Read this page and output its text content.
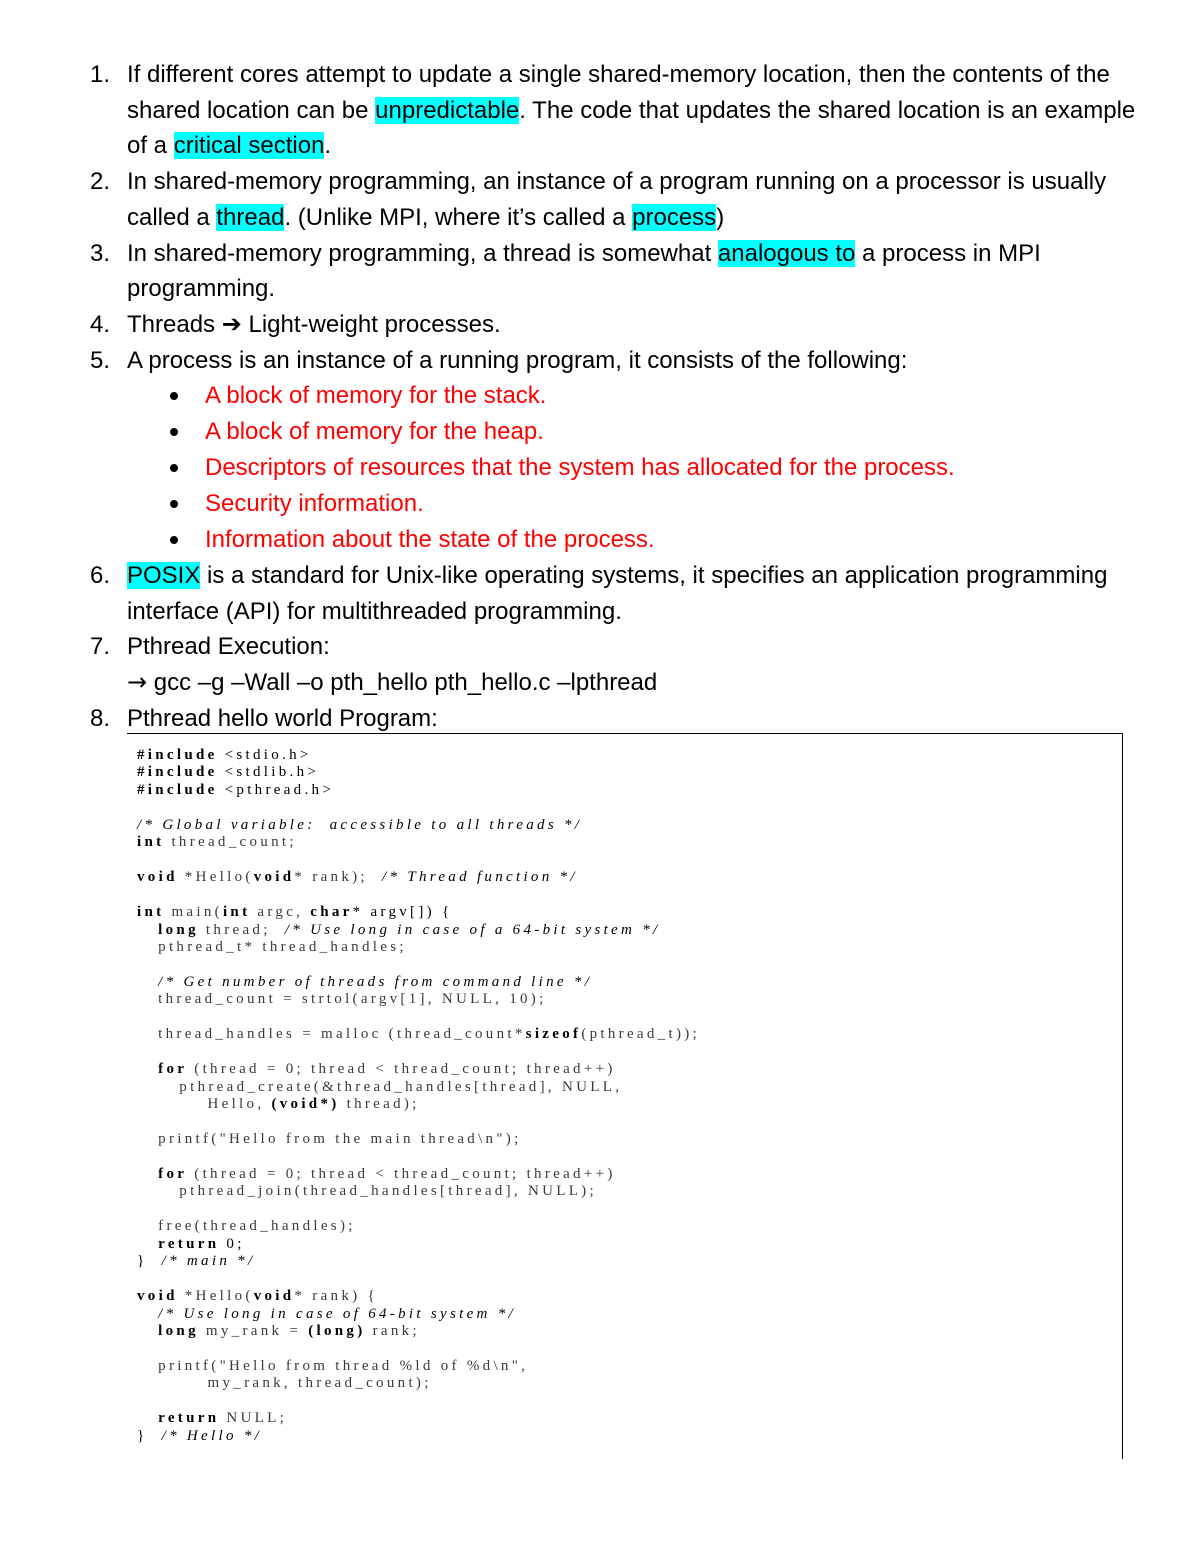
1. If different cores attempt to update a single shared-memory location, then the contents of the shared location can be unpredictable. The code that updates the shared location is an example of a critical section.
2. In shared-memory programming, an instance of a program running on a processor is usually called a thread. (Unlike MPI, where it’s called a process)
3. In shared-memory programming, a thread is somewhat analogous to a process in MPI programming.
4. Threads ➔ Light-weight processes.
5. A process is an instance of a running program, it consists of the following:
A block of memory for the stack.
A block of memory for the heap.
Descriptors of resources that the system has allocated for the process.
Security information.
Information about the state of the process.
6. POSIX is a standard for Unix-like operating systems, it specifies an application programming interface (API) for multithreaded programming.
7. Pthread Execution:
→ gcc –g –Wall –o pth_hello pth_hello.c –lpthread
8. Pthread hello world Program:
#include <stdio.h>
#include <stdlib.h>
#include <pthread.h>

/* Global variable:  accessible to all threads */
int thread_count;

void *Hello(void* rank);  /* Thread function */

int main(int argc, char* argv[]) {
long thread;  /* Use long in case of a 64-bit system */
pthread_t* thread_handles;

/* Get number of threads from command line */
thread_count = strtol(argv[1], NULL, 10);

thread_handles = malloc (thread_count*sizeof(pthread_t));

for (thread = 0; thread < thread_count; thread++)
pthread_create(&thread_handles[thread], NULL,
Hello, (void*) thread);

printf("Hello from the main thread\n");

for (thread = 0; thread < thread_count; thread++)
pthread_join(thread_handles[thread], NULL);

free(thread_handles);
return 0;
}  /* main */

void *Hello(void* rank) {
/* Use long in case of 64-bit system */
long my_rank = (long) rank;

printf("Hello from thread %ld of %d\n",
my_rank, thread_count);

return NULL;
}  /* Hello */
